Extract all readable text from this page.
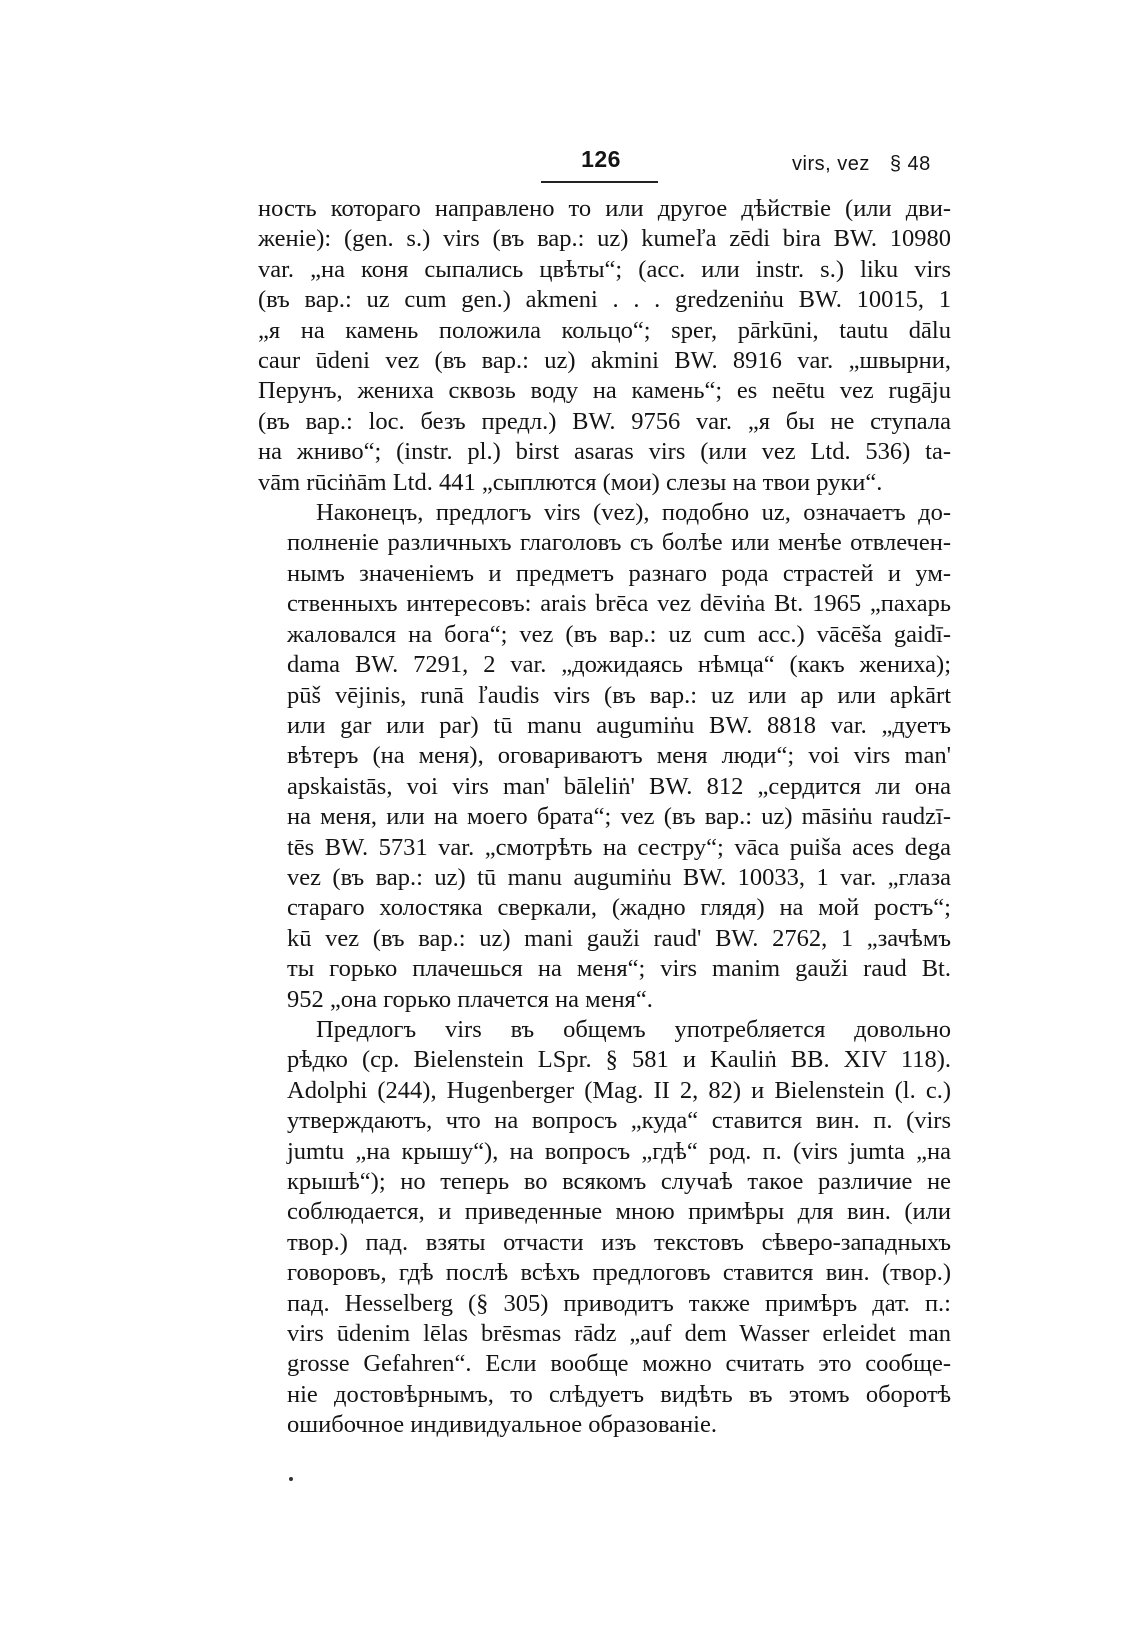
126	virs, vez § 48
ность котораго направлено то или другое дѣйствіе (или дви-
женіе): (gen. s.) virs (въ вар.: uz) kumeľa zēdi bira BW. 10980
var. „на коня сыпались цвѣты“; (acc. или instr. s.) liku virs
(въ вар.: uz cum gen.) akmeni . . . gredzeniṅu BW. 10015, 1
„я на камень положила кольцо“; sper, pārkūni, tautu dālu
caur ūdeni vez (въ вар.: uz) akmini BW. 8916 var. „швырни,
Перунъ, жениха сквозь воду на камень“; es neētu vez rugāju
(въ вар.: loc. безъ предл.) BW. 9756 var. „я бы не ступала
на жниво“; (instr. pl.) birst asaras virs (или vez Ltd. 536) ta-
vām rūciṅām Ltd. 441 „сыплются (мои) слезы на твои руки“.
Наконецъ, предлогъ virs (vez), подобно uz, означаетъ до-
полненіе различныхъ глаголовъ съ болѣе или менѣе отвлечен-
нымъ значеніемъ и предметъ разнаго рода страстей и ум-
ственныхъ интересовъ: arais brēca vez dēviṅa Bt. 1965 „пахарь
жаловался на бога“; vez (въ вар.: uz cum acc.) vācēša gaidī-
dama BW. 7291, 2 var. „дожидаясь нѣмца“ (какъ жениха);
pūš vējinis, runā ľaudis virs (въ вар.: uz или ap или apkārt
или gar или par) tū manu augumiṅu BW. 8818 var. „дуетъ
вѣтеръ (на меня), оговариваютъ меня люди“; voi virs man'
apskaistās, voi virs man' bāleliṅ' BW. 812 „сердится ли она
на меня, или на моего брата“; vez (въ вар.: uz) māsiṅu raudzī-
tēs BW. 5731 var. „смотрѣть на сестру“; vāca puiša aces dega
vez (въ вар.: uz) tū manu augumiṅu BW. 10033, 1 var. „глаза
стараго холостяка сверкали, (жадно глядя) на мой ростъ“;
kū vez (въ вар.: uz) mani gauži raud' BW. 2762, 1 „зачѣмъ
ты горько плачешься на меня“; virs manim gauži raud Bt.
952 „она горько плачется на меня“.
Предлогъ virs въ общемъ употребляется довольно
рѣдко (ср. Bielenstein LSpr. § 581 и Kauliṅ BB. XIV 118).
Adolphi (244), Hugenberger (Mag. II 2, 82) и Bielenstein (l. c.)
утверждаютъ, что на вопросъ „куда“ ставится вин. п. (virs
jumtu „на крышу“), на вопросъ „гдѣ“ род. п. (virs jumta „на
крышѣ“); но теперь во всякомъ случаѣ такое различие не
соблюдается, и приведенные мною примѣры для вин. (или
твор.) пад. взяты отчасти изъ текстовъ сѣверо-западныхъ
говоровъ, гдѣ послѣ всѣхъ предлоговъ ставится вин. (твор.)
пад. Hesselberg (§ 305) приводитъ также примѣръ дат. п.:
virs ūdenim lēlas brēsmas rādz „auf dem Wasser erleidet man
grosse Gefahren“. Если вообще можно считать это сообще-
ніе достовѣрнымъ, то слѣдуетъ видѣть въ этомъ оборотѣ
ошибочное индивидуальное образованіе.
